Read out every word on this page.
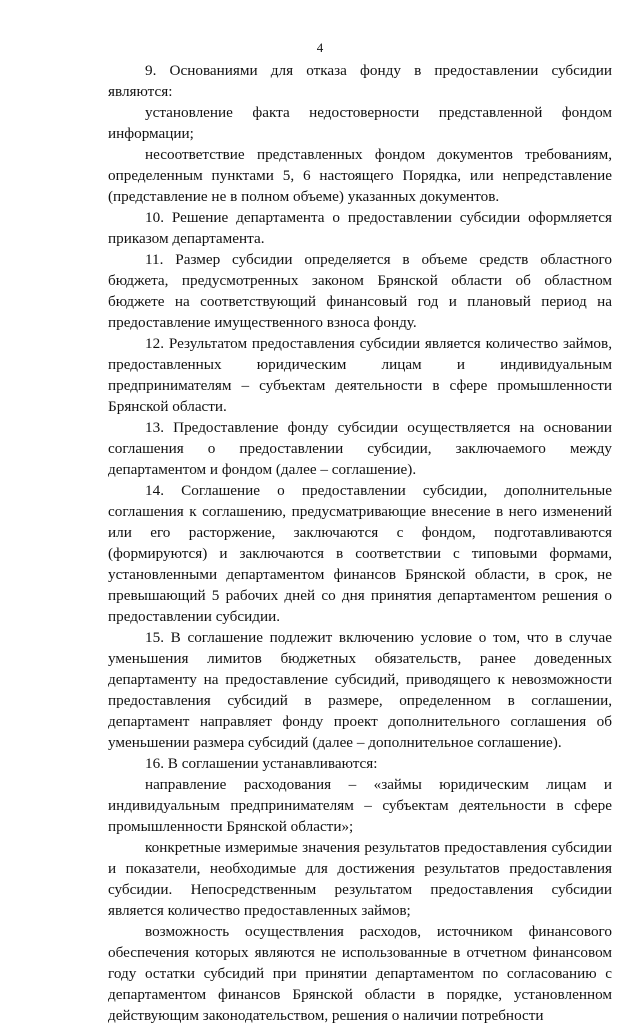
4

9. Основаниями для отказа фонду в предоставлении субсидии являются:

установление факта недостоверности представленной фондом информации;

несоответствие представленных фондом документов требованиям, определенным пунктами 5, 6 настоящего Порядка, или непредставление (представление не в полном объеме) указанных документов.

10. Решение департамента о предоставлении субсидии оформляется приказом департамента.

11. Размер субсидии определяется в объеме средств областного бюджета, предусмотренных законом Брянской области об областном бюджете на соответствующий финансовый год и плановый период на предоставление имущественного взноса фонду.

12. Результатом предоставления субсидии является количество займов, предоставленных юридическим лицам и индивидуальным предпринимателям – субъектам деятельности в сфере промышленности Брянской области.

13. Предоставление фонду субсидии осуществляется на основании соглашения о предоставлении субсидии, заключаемого между департаментом и фондом (далее – соглашение).

14. Соглашение о предоставлении субсидии, дополнительные соглашения к соглашению, предусматривающие внесение в него изменений или его расторжение, заключаются с фондом, подготавливаются (формируются) и заключаются в соответствии с типовыми формами, установленными департаментом финансов Брянской области, в срок, не превышающий 5 рабочих дней со дня принятия департаментом решения о предоставлении субсидии.

15. В соглашение подлежит включению условие о том, что в случае уменьшения лимитов бюджетных обязательств, ранее доведенных департаменту на предоставление субсидий, приводящего к невозможности предоставления субсидий в размере, определенном в соглашении, департамент направляет фонду проект дополнительного соглашения об уменьшении размера субсидий (далее – дополнительное соглашение).

16. В соглашении устанавливаются:

направление расходования – «займы юридическим лицам и индивидуальным предпринимателям – субъектам деятельности в сфере промышленности Брянской области»;

конкретные измеримые значения результатов предоставления субсидии и показатели, необходимые для достижения результатов предоставления субсидии. Непосредственным результатом предоставления субсидии является количество предоставленных займов;

возможность осуществления расходов, источником финансового обеспечения которых являются не использованные в отчетном финансовом году остатки субсидий при принятии департаментом по согласованию с департаментом финансов Брянской области в порядке, установленном действующим законодательством, решения о наличии потребности
